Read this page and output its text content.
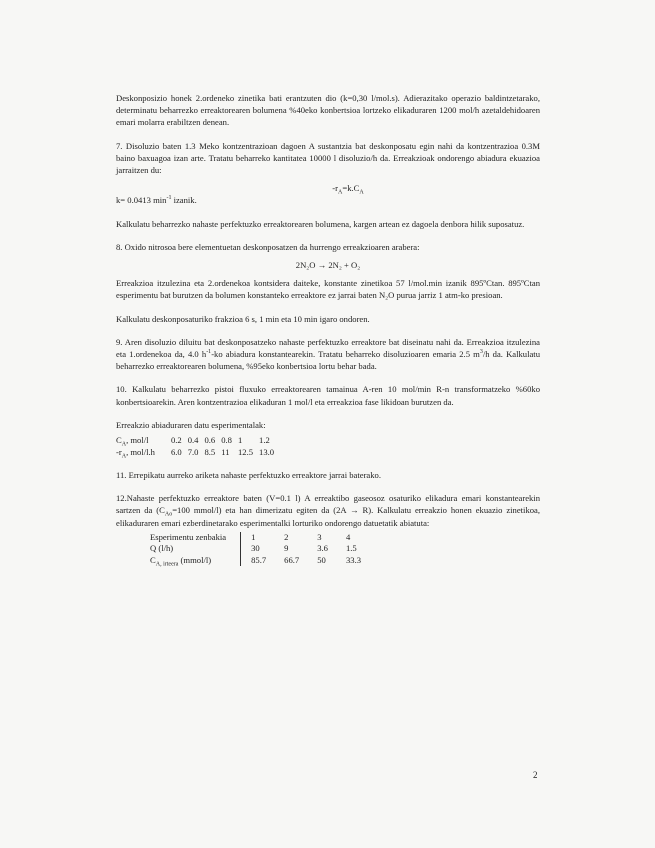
Deskonposizio honek 2.ordeneko zinetika bati erantzuten dio (k=0,30 l/mol.s). Adierazitako operazio baldintzetarako, determinatu beharrezko erreaktorearen bolumena %40eko konbertsioa lortzeko elikaduraren 1200 mol/h azetaldehidoaren emari molarra erabiltzen denean.

7. Disoluzio baten 1.3 Meko kontzentrazioan dagoen A sustantzia bat deskonposatu egin nahi da kontzentrazioa 0.3M baino baxuagoa izan arte. Tratatu beharreko kantitatea 10000 l disoluzio/h da. Erreakzioak ondorengo abiadura ekuazioa jarraitzen du:

$-r_A=k.C_A$

k= 0.0413 $\min^{-1}$ izanik.

Kalkulatu beharrezko nahaste perfektuzko erreaktorearen bolumena, kargen artean ez dagoela denbora hilik suposatuz.

8. Oxido nitrosoa bere elementuetan deskonposatzen da hurrengo erreakzioaren arabera:

2N₂O → 2N₂ + O₂

Erreakzioa itzulezina eta 2.ordenekoa kontsidera daiteke, konstante zinetikoa 57 l/mol.min izanik 895ºCtan. 895ºCtan esperimentu bat burutzen da bolumen konstanteko erreaktore ez jarrai baten N₂O purua jarriz 1 atm-ko presioan.

Kalkulatu deskonposaturiko frakzioa 6 s, 1 min eta 10 min igaro ondoren.

9. Aren disoluzio diluitu bat deskonposatzeko nahaste perfektuzko erreaktore bat diseinatu nahi da. Erreakzioa itzulezina eta 1.ordenekoa da, 4.0 $h^{-1}-ko$ abiadura konstantearekin. Tratatu beharreko disoluzioaren emaria 2.5 $m^3/h$ da. Kalkulatu beharrezko erreaktorearen bolumena, %95eko konbertsioa lortu behar bada.

10. Kalkulatu beharrezko pistoi fluxuko erreaktorearen tamainua A-ren 10 mol/min R-n transformatzeko %60ko konbertsioarekin. Aren kontzentrazioa elikaduran 1 mol/l eta erreakzioa fase likidoan burutzen da.

Erreakzio abiaduraren datu esperimentalak:

$C_A$, mol/l	0.2	0.4	0.6	0.8	1	1.2
$-r_A$, mol/l.h	6.0	7.0	8.5	11	12.5	13.0

11. Errepikatu aurreko ariketa nahaste perfektuzko erreaktore jarrai baterako.

12.Nahaste perfektuzko erreaktore baten (V=0.1 l) A erreaktibo gaseosoz osaturiko elikadura emari konstantearekin sartzen da ($C_{Ao}=100$ mmol/l) eta han dimerizatu egiten da (2A → R). Kalkulatu erreakzio honen ekuazio zinetikoa, elikaduraren emari ezberdinetarako esperimentalki lorturiko ondorengo datuetatik abiatuta:

Esperimentu zenbakia	1	2	3	4
Q (l/h)	30	9	3.6	1.5
$C_{A, irteera}$ (mmol/l)	85.7	66.7	50	33.3
2
